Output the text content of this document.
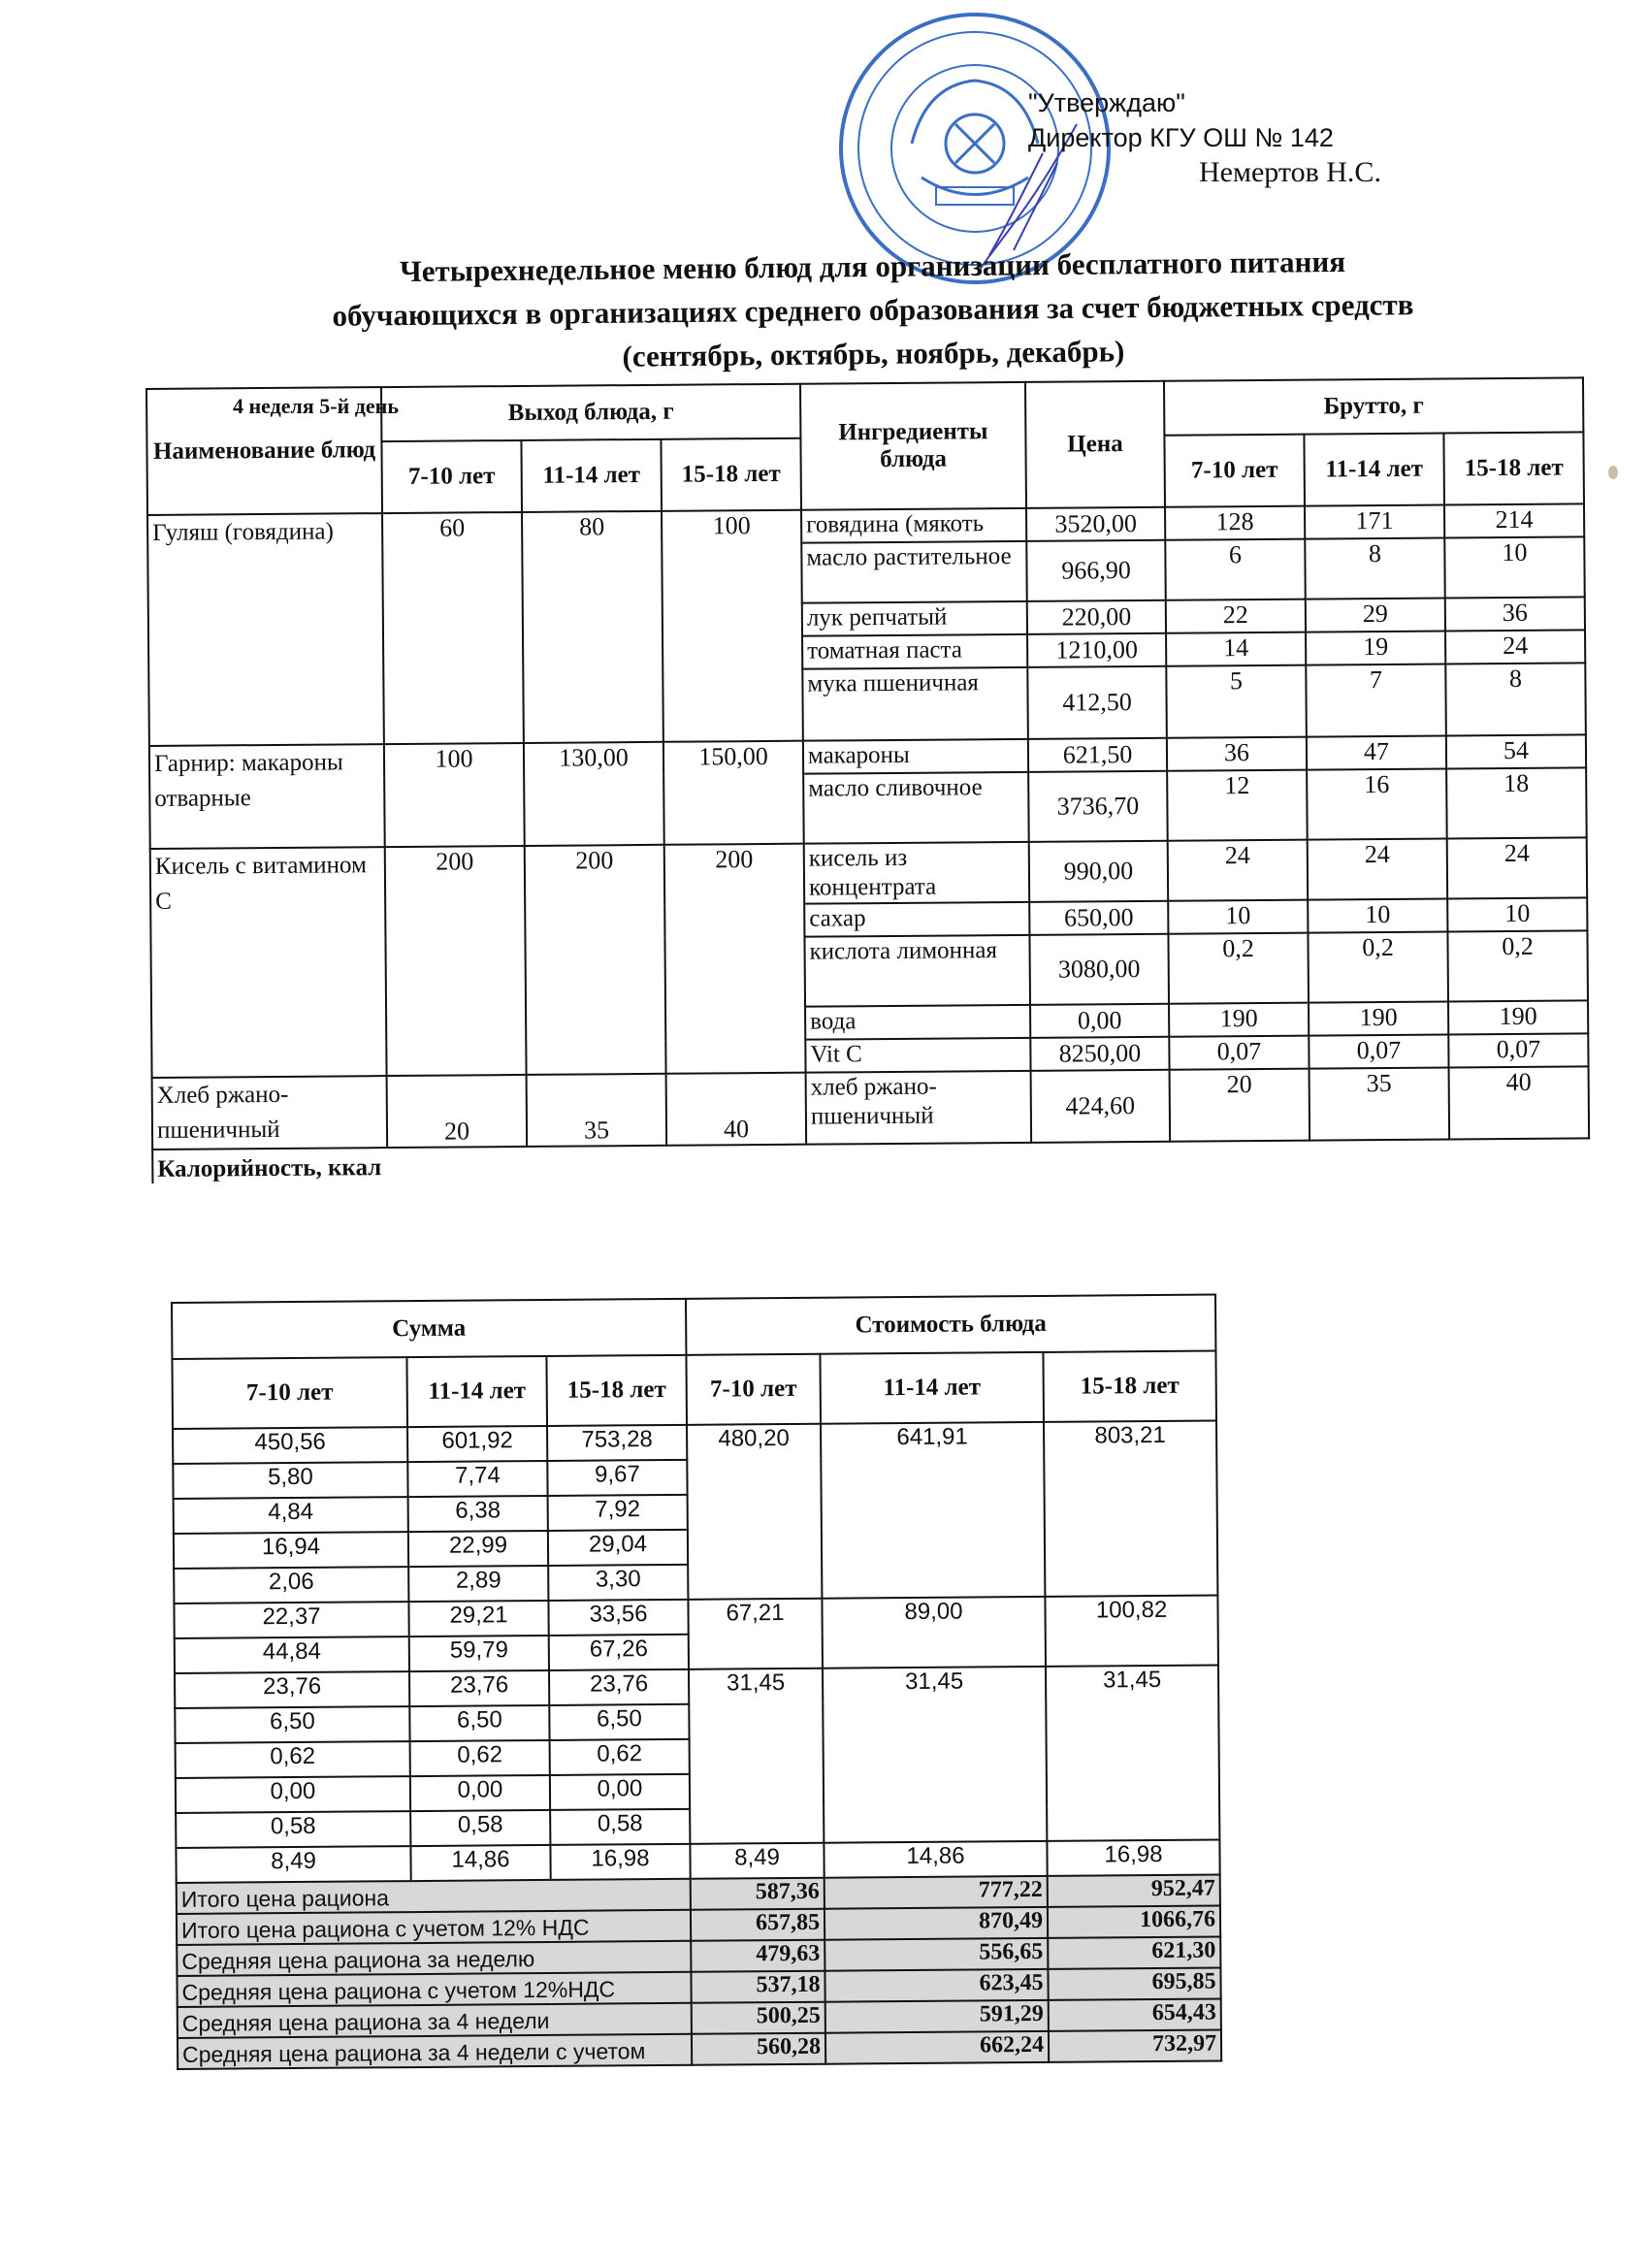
"Утверждаю"
Директор КГУ ОШ № 142
Немертов Н.С.
Четырехнедельное меню блюд для организации бесплатного питания
обучающихся в организациях среднего образования за счет бюджетных средств
(сентябрь, октябрь, ноябрь, декабрь)
4 неделя 5-й день
Наименование блюд	Выход блюда, г			Ингредиенты блюда	Цена	Брутто, г		
	7-10 лет	11-14 лет	15-18 лет			7-10 лет	11-14 лет	15-18 лет
Гуляш (говядина)	60	80	100	говядина (мякоть	3520,00	128	171	214
				масло растительное	966,90	6	8	10
				лук репчатый	220,00	22	29	36
				томатная паста	1210,00	14	19	24
				мука пшеничная	412,50	5	7	8
Гарнир: макароны отварные	100	130,00	150,00	макароны	621,50	36	47	54
				масло сливочное	3736,70	12	16	18
Кисель с витамином С	200	200	200	кисель из концентрата	990,00	24	24	24
				сахар	650,00	10	10	10
				кислота лимонная	3080,00	0,2	0,2	0,2
				вода	0,00	190	190	190
				Vit C	8250,00	0,07	0,07	0,07
Хлеб ржано-пшеничный	20	35	40	хлеб ржано-пшеничный	424,60	20	35	40
Калорийность, ккал								
Сумма			Стоимость блюда		
7-10 лет	11-14 лет	15-18 лет	7-10 лет	11-14 лет	15-18 лет
450,56	601,92	753,28	480,20	641,91	803,21
5,80	7,74	9,67			
4,84	6,38	7,92			
16,94	22,99	29,04			
2,06	2,89	3,30			
22,37	29,21	33,56	67,21	89,00	100,82
44,84	59,79	67,26			
23,76	23,76	23,76	31,45	31,45	31,45
6,50	6,50	6,50			
0,62	0,62	0,62			
0,00	0,00	0,00			
0,58	0,58	0,58			
8,49	14,86	16,98	8,49	14,86	16,98
Итого цена рациона			587,36	777,22	952,47
Итого цена рациона с учетом 12% НДС			657,85	870,49	1066,76
Средняя цена рациона за неделю			479,63	556,65	621,30
Средняя цена рациона с учетом 12%НДС			537,18	623,45	695,85
Средняя цена рациона за 4 недели			500,25	591,29	654,43
Средняя цена рациона за 4 недели с учетом			560,28	662,24	732,97
